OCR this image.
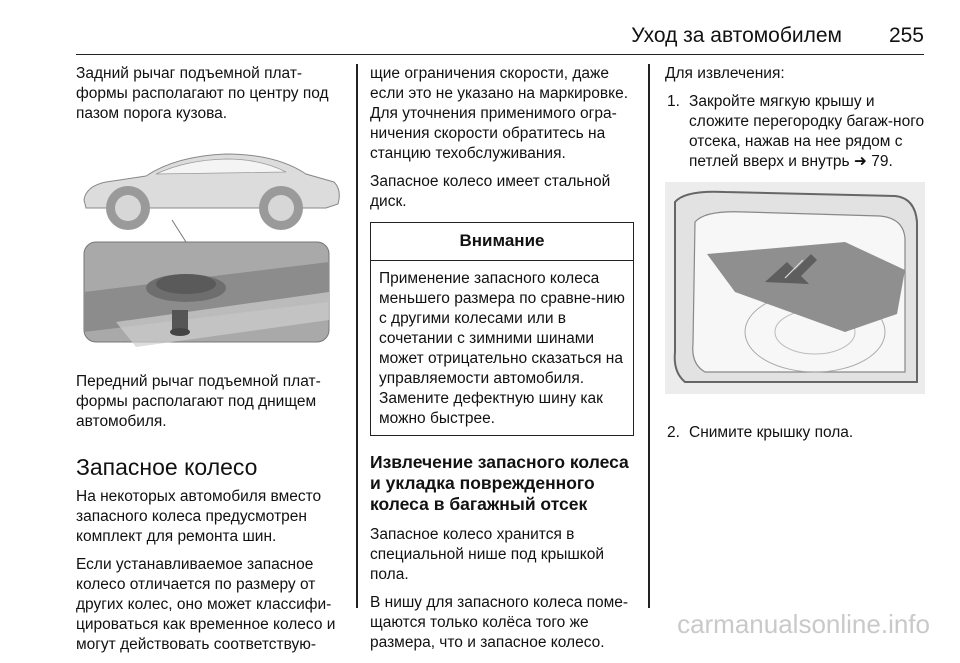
Уход за автомобилем 255

Задний рычаг подъемной плат-формы располагают по центру под пазом порога кузова.

Передний рычаг подъемной плат-формы располагают под днищем автомобиля.

Запасное колесо

На некоторых автомобиля вместо запасного колеса предусмотрен комплект для ремонта шин.

Если устанавливаемое запасное колесо отличается по размеру от других колес, оно может классифи-цироваться как временное колесо и могут действовать соответствую-

щие ограничения скорости, даже если это не указано на маркировке. Для уточнения применимого огра-ничения скорости обратитесь на станцию техобслуживания.

Запасное колесо имеет стальной диск.

Внимание
Применение запасного колеса меньшего размера по сравне-нию с другими колесами или в сочетании с зимними шинами может отрицательно сказаться на управляемости автомобиля. Замените дефектную шину как можно быстрее.
Извлечение запасного колеса и укладка поврежденного колеса в багажный отсек

Запасное колесо хранится в специальной нише под крышкой пола.

В нишу для запасного колеса поме-щаются только колёса того же размера, что и запасное колесо.

Для извлечения:

1. Закройте мягкую крышу и сложите перегородку багаж-ного отсека, нажав на нее рядом с петлей вверх и внутрь ➜ 79.
2. Снимите крышку пола.
carmanualsonline.info
